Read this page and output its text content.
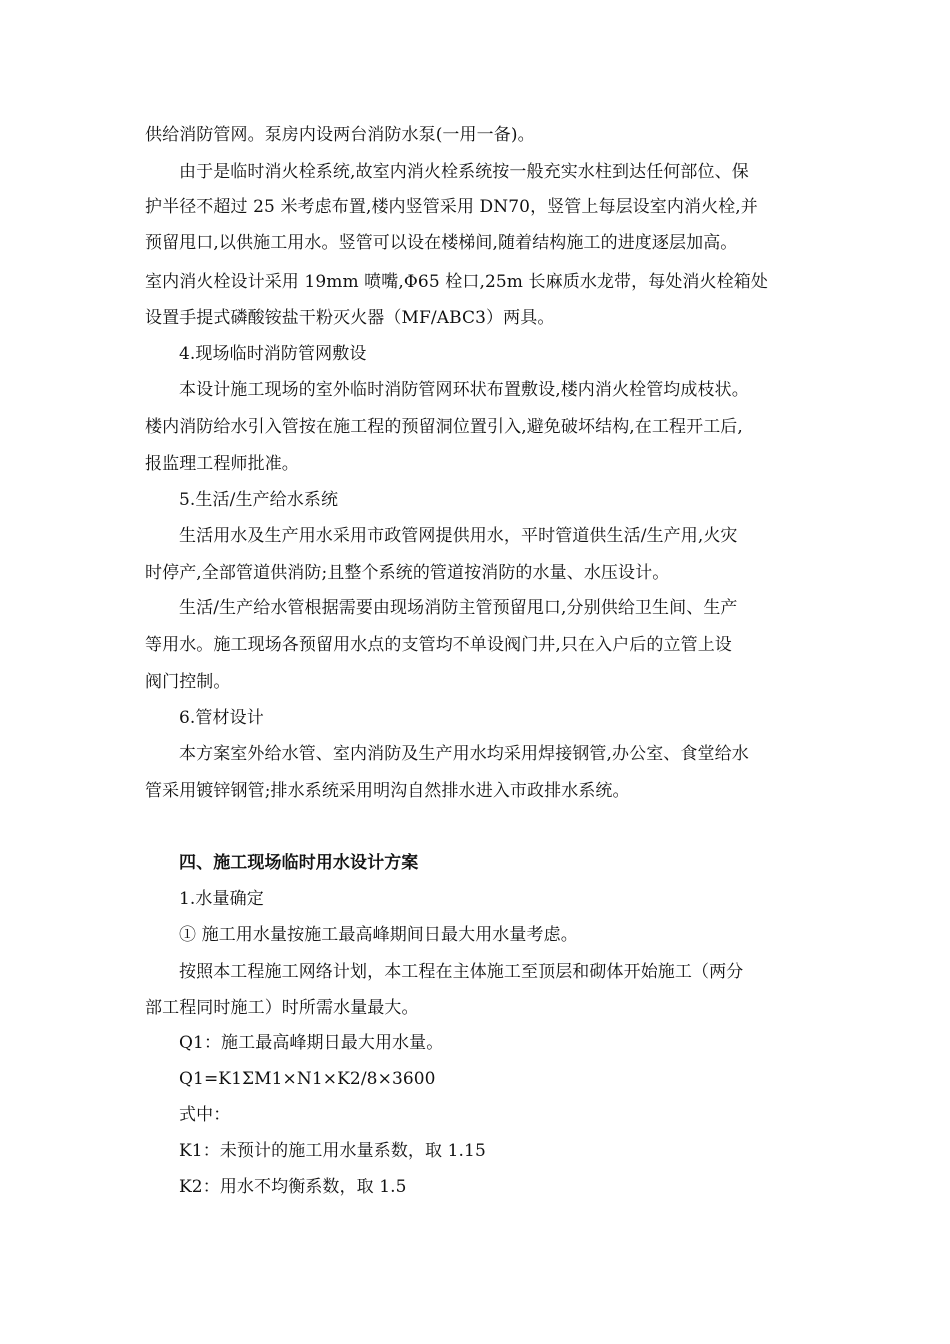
供给消防管网。泵房内设两台消防水泵(一用一备)。
由于是临时消火栓系统,故室内消火栓系统按一般充实水柱到达任何部位、保
护半径不超过 25 米考虑布置,楼内竖管采用 DN70，竖管上每层设室内消火栓,并
预留甩口,以供施工用水。竖管可以设在楼梯间,随着结构施工的进度逐层加高。
室内消火栓设计采用 19mm 喷嘴,Φ65 栓口,25m 长麻质水龙带，每处消火栓箱处
设置手提式磷酸铵盐干粉灭火器（MF/ABC3）两具。
4.现场临时消防管网敷设
本设计施工现场的室外临时消防管网环状布置敷设,楼内消火栓管均成枝状。
楼内消防给水引入管按在施工程的预留洞位置引入,避免破坏结构,在工程开工后,
报监理工程师批准。
5.生活/生产给水系统
生活用水及生产用水采用市政管网提供用水，平时管道供生活/生产用,火灾
时停产,全部管道供消防;且整个系统的管道按消防的水量、水压设计。
生活/生产给水管根据需要由现场消防主管预留甩口,分别供给卫生间、生产
等用水。施工现场各预留用水点的支管均不单设阀门井,只在入户后的立管上设
阀门控制。
6.管材设计
本方案室外给水管、室内消防及生产用水均采用焊接钢管,办公室、食堂给水
管采用镀锌钢管;排水系统采用明沟自然排水进入市政排水系统。
四、施工现场临时用水设计方案
1.水量确定
① 施工用水量按施工最高峰期间日最大用水量考虑。
按照本工程施工网络计划，本工程在主体施工至顶层和砌体开始施工（两分
部工程同时施工）时所需水量最大。
Q1：施工最高峰期日最大用水量。
Q1=K1ΣM1×N1×K2/8×3600
式中：
K1：未预计的施工用水量系数，取 1.15
K2：用水不均衡系数，取 1.5
